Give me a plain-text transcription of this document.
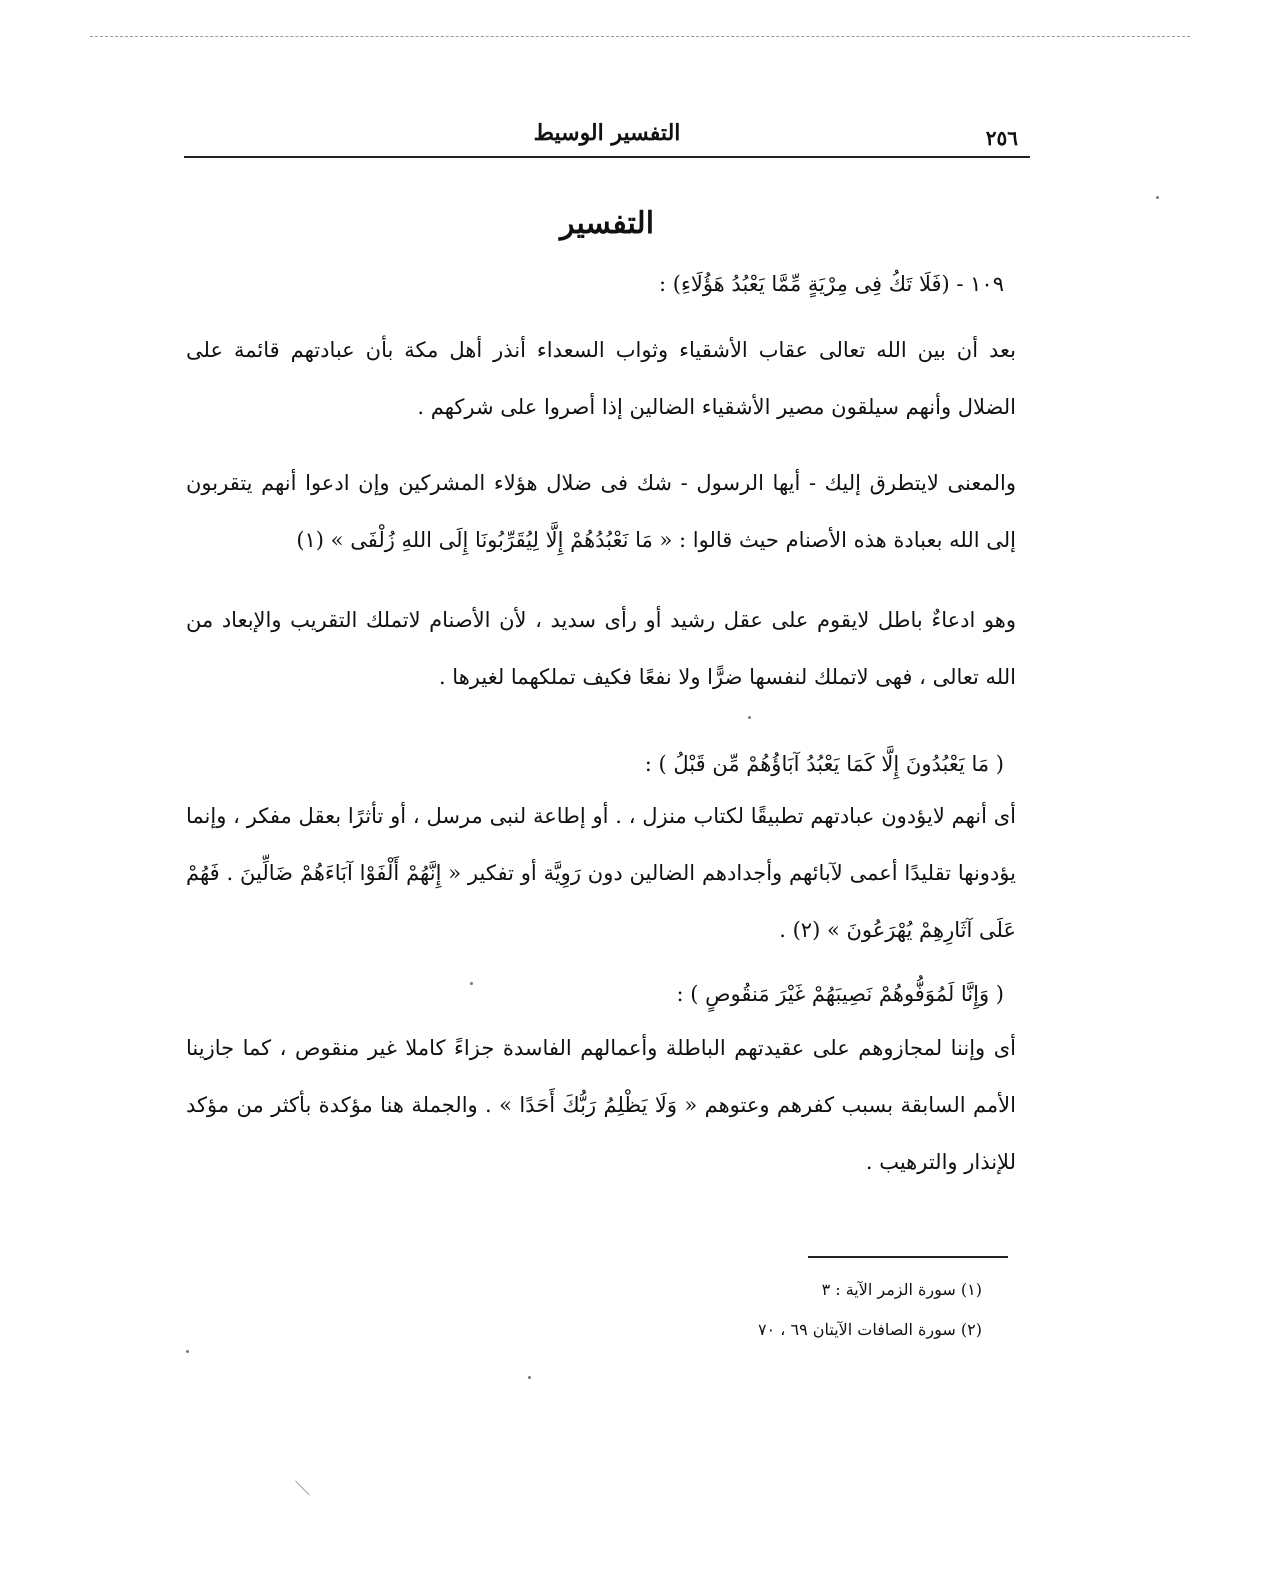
٢٥٦
التفسير الوسيط
التفسير
١٠٩ - (فَلَا تَكُ فِى مِرْيَةٍ مِّمَّا يَعْبُدُ هَؤُلَاءِ) :
بعد أن بين الله تعالى عقاب الأشقياء وثواب السعداء أنذر أهل مكة بأن عبادتهم قائمة على الضلال وأنهم سيلقون مصير الأشقياء الضالين إذا أصروا على شركهم .
والمعنى لايتطرق إليك - أيها الرسول - شك فى ضلال هؤلاء المشركين وإن ادعوا أنهم يتقربون إلى الله بعبادة هذه الأصنام حيث قالوا : « مَا نَعْبُدُهُمْ إِلَّا لِيُقَرِّبُونَا إِلَى اللهِ زُلْفَى » (١)
وهو ادعاءٌ باطل لايقوم على عقل رشيد أو رأى سديد ، لأن الأصنام لاتملك التقريب والإبعاد من الله تعالى ، فهى لاتملك لنفسها ضرًّا ولا نفعًا فكيف تملكهما لغيرها .
( مَا يَعْبُدُونَ إِلَّا كَمَا يَعْبُدُ آبَاؤُهُمْ مِّن قَبْلُ ) :
أى أنهم لايؤدون عبادتهم تطبيقًا لكتاب منزل ، . أو إطاعة لنبى مرسل ، أو تأثرًا بعقل مفكر ، وإنما يؤدونها تقليدًا أعمى لآبائهم وأجدادهم الضالين دون رَوِيَّة أو تفكير « إِنَّهُمْ أَلْفَوْا آبَاءَهُمْ ضَالِّينَ . فَهُمْ عَلَى آثَارِهِمْ يُهْرَعُونَ » (٢) .
( وَإِنَّا لَمُوَفُّوهُمْ نَصِيبَهُمْ غَيْرَ مَنقُوصٍ ) :
أى وإننا لمجازوهم على عقيدتهم الباطلة وأعمالهم الفاسدة جزاءً كاملا غير منقوص ، كما جازينا الأمم السابقة بسبب كفرهم وعتوهم « وَلَا يَظْلِمُ رَبُّكَ أَحَدًا » . والجملة هنا مؤكدة بأكثر من مؤكد للإنذار والترهيب .
(١) سورة الزمر الآية : ٣
(٢) سورة الصافات الآيتان ٦٩ ، ٧٠
